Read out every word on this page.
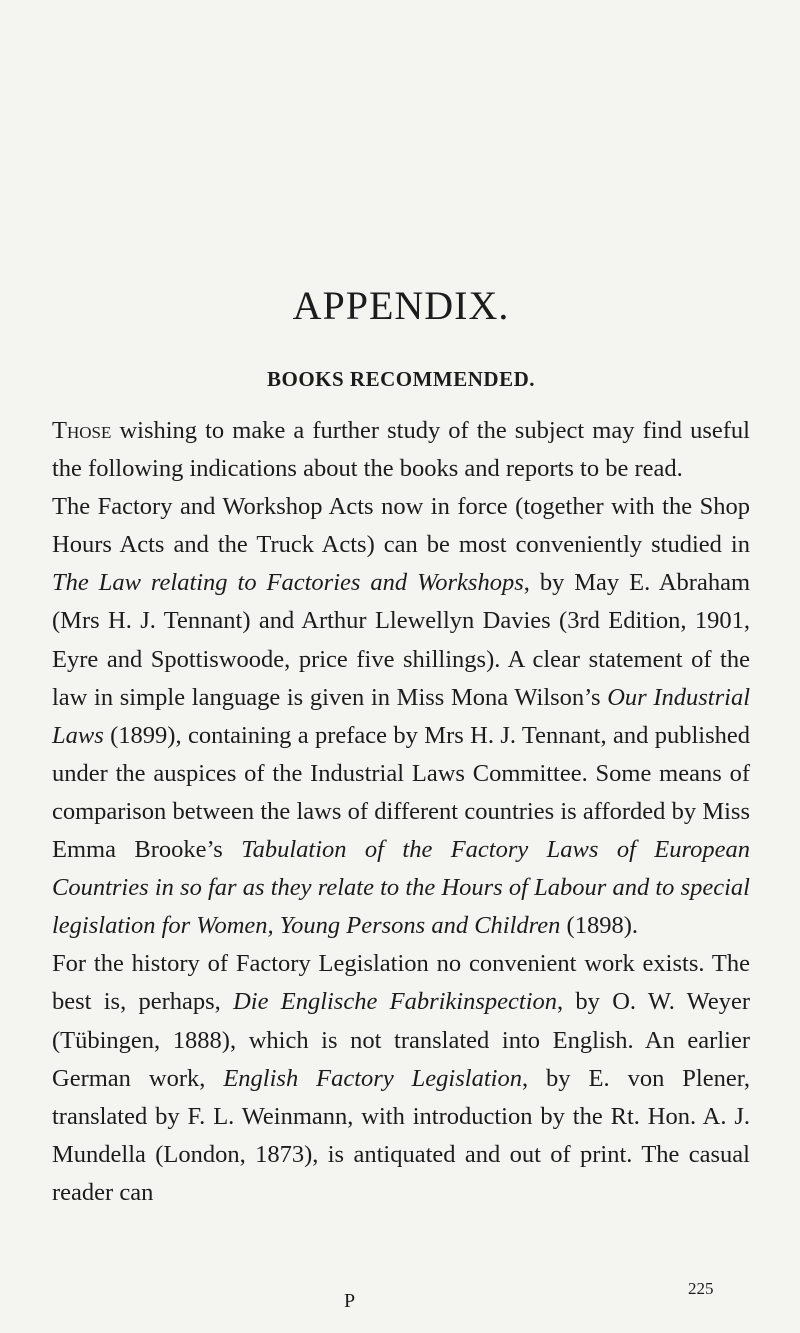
APPENDIX.
BOOKS RECOMMENDED.

Those wishing to make a further study of the subject may find useful the following indications about the books and reports to be read.

The Factory and Workshop Acts now in force (together with the Shop Hours Acts and the Truck Acts) can be most conveniently studied in The Law relating to Factories and Workshops, by May E. Abraham (Mrs H. J. Tennant) and Arthur Llewellyn Davies (3rd Edition, 1901, Eyre and Spottiswoode, price five shillings). A clear statement of the law in simple language is given in Miss Mona Wilson’s Our Industrial Laws (1899), containing a preface by Mrs H. J. Tennant, and published under the auspices of the Industrial Laws Committee. Some means of comparison between the laws of different countries is afforded by Miss Emma Brooke’s Tabulation of the Factory Laws of European Countries in so far as they relate to the Hours of Labour and to special legislation for Women, Young Persons and Children (1898).

For the history of Factory Legislation no convenient work exists. The best is, perhaps, Die Englische Fabrikinspection, by O. W. Weyer (Tübingen, 1888), which is not translated into English. An earlier German work, English Factory Legislation, by E. von Plener, translated by F. L. Weinmann, with introduction by the Rt. Hon. A. J. Mundella (London, 1873), is antiquated and out of print. The casual reader can

P

225
